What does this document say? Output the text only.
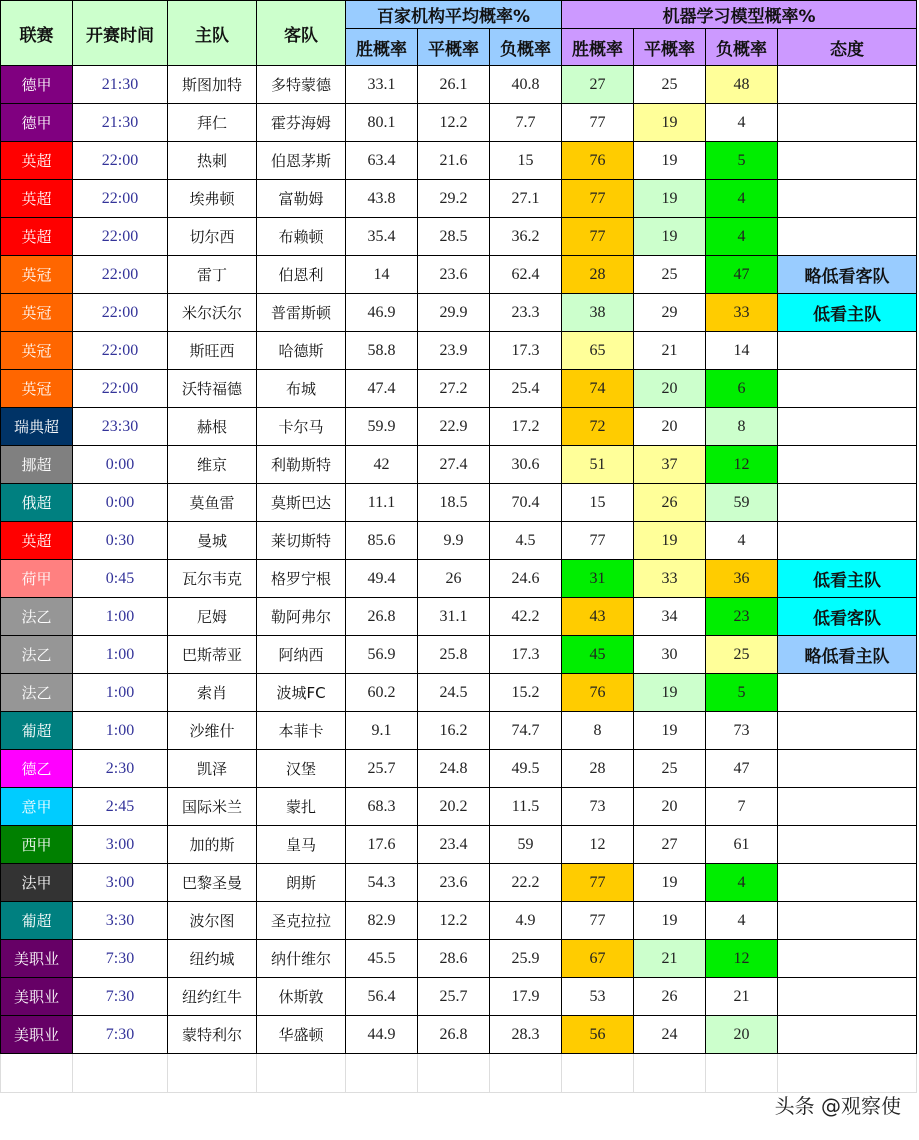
联赛	开赛时间	主队	客队	百家机构平均概率%			机器学习模型概率%			
				胜概率	平概率	负概率	胜概率	平概率	负概率	态度
德甲	21:30	斯图加特	多特蒙德	33.1	26.1	40.8	27	25	48	
德甲	21:30	拜仁	霍芬海姆	80.1	12.2	7.7	77	19	4	
英超	22:00	热刺	伯恩茅斯	63.4	21.6	15	76	19	5	
英超	22:00	埃弗顿	富勒姆	43.8	29.2	27.1	77	19	4	
英超	22:00	切尔西	布赖顿	35.4	28.5	36.2	77	19	4	
英冠	22:00	雷丁	伯恩利	14	23.6	62.4	28	25	47	略低看客队
英冠	22:00	米尔沃尔	普雷斯顿	46.9	29.9	23.3	38	29	33	低看主队
英冠	22:00	斯旺西	哈德斯	58.8	23.9	17.3	65	21	14	
英冠	22:00	沃特福德	布城	47.4	27.2	25.4	74	20	6	
瑞典超	23:30	赫根	卡尔马	59.9	22.9	17.2	72	20	8	
挪超	0:00	维京	利勒斯特	42	27.4	30.6	51	37	12	
俄超	0:00	莫鱼雷	莫斯巴达	11.1	18.5	70.4	15	26	59	
英超	0:30	曼城	莱切斯特	85.6	9.9	4.5	77	19	4	
荷甲	0:45	瓦尔韦克	格罗宁根	49.4	26	24.6	31	33	36	低看主队
法乙	1:00	尼姆	勒阿弗尔	26.8	31.1	42.2	43	34	23	低看客队
法乙	1:00	巴斯蒂亚	阿纳西	56.9	25.8	17.3	45	30	25	略低看主队
法乙	1:00	索肖	波城FC	60.2	24.5	15.2	76	19	5	
葡超	1:00	沙维什	本菲卡	9.1	16.2	74.7	8	19	73	
德乙	2:30	凯泽	汉堡	25.7	24.8	49.5	28	25	47	
意甲	2:45	国际米兰	蒙扎	68.3	20.2	11.5	73	20	7	
西甲	3:00	加的斯	皇马	17.6	23.4	59	12	27	61	
法甲	3:00	巴黎圣曼	朗斯	54.3	23.6	22.2	77	19	4	
葡超	3:30	波尔图	圣克拉拉	82.9	12.2	4.9	77	19	4	
美职业	7:30	纽约城	纳什维尔	45.5	28.6	25.9	67	21	12	
美职业	7:30	纽约红牛	休斯敦	56.4	25.7	17.9	53	26	21	
美职业	7:30	蒙特利尔	华盛顿	44.9	26.8	28.3	56	24	20	

头条 @观察使
